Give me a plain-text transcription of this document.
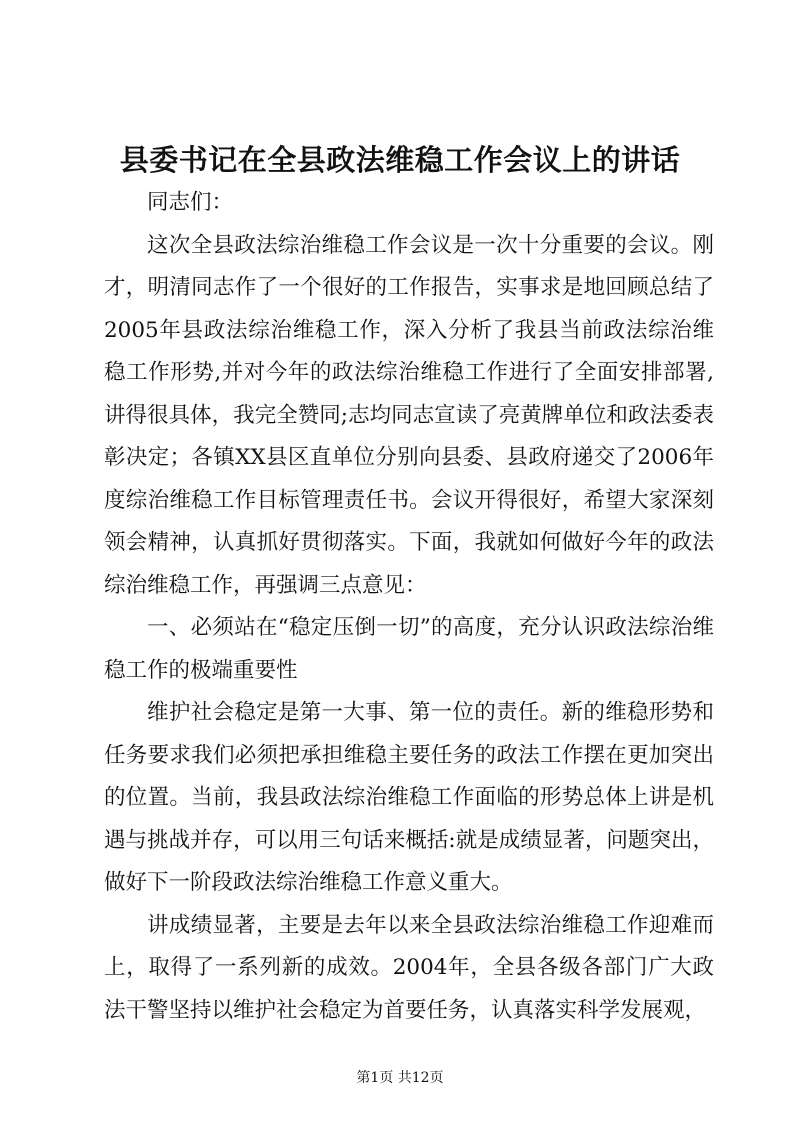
县委书记在全县政法维稳工作会议上的讲话

同志们：

这次全县政法综治维稳工作会议是一次十分重要的会议。刚才，明清同志作了一个很好的工作报告，实事求是地回顾总结了2005年县政法综治维稳工作，深入分析了我县当前政法综治维稳工作形势,并对今年的政法综治维稳工作进行了全面安排部署,讲得很具体，我完全赞同;志均同志宣读了亮黄牌单位和政法委表彰决定；各镇XX县区直单位分别向县委、县政府递交了2006年度综治维稳工作目标管理责任书。会议开得很好，希望大家深刻领会精神，认真抓好贯彻落实。下面，我就如何做好今年的政法综治维稳工作，再强调三点意见：

一、必须站在“稳定压倒一切”的高度，充分认识政法综治维稳工作的极端重要性

维护社会稳定是第一大事、第一位的责任。新的维稳形势和任务要求我们必须把承担维稳主要任务的政法工作摆在更加突出的位置。当前，我县政法综治维稳工作面临的形势总体上讲是机遇与挑战并存，可以用三句话来概括:就是成绩显著，问题突出，做好下一阶段政法综治维稳工作意义重大。

讲成绩显著，主要是去年以来全县政法综治维稳工作迎难而上，取得了一系列新的成效。2004年，全县各级各部门广大政法干警坚持以维护社会稳定为首要任务，认真落实科学发展观，

第1页 共12页
